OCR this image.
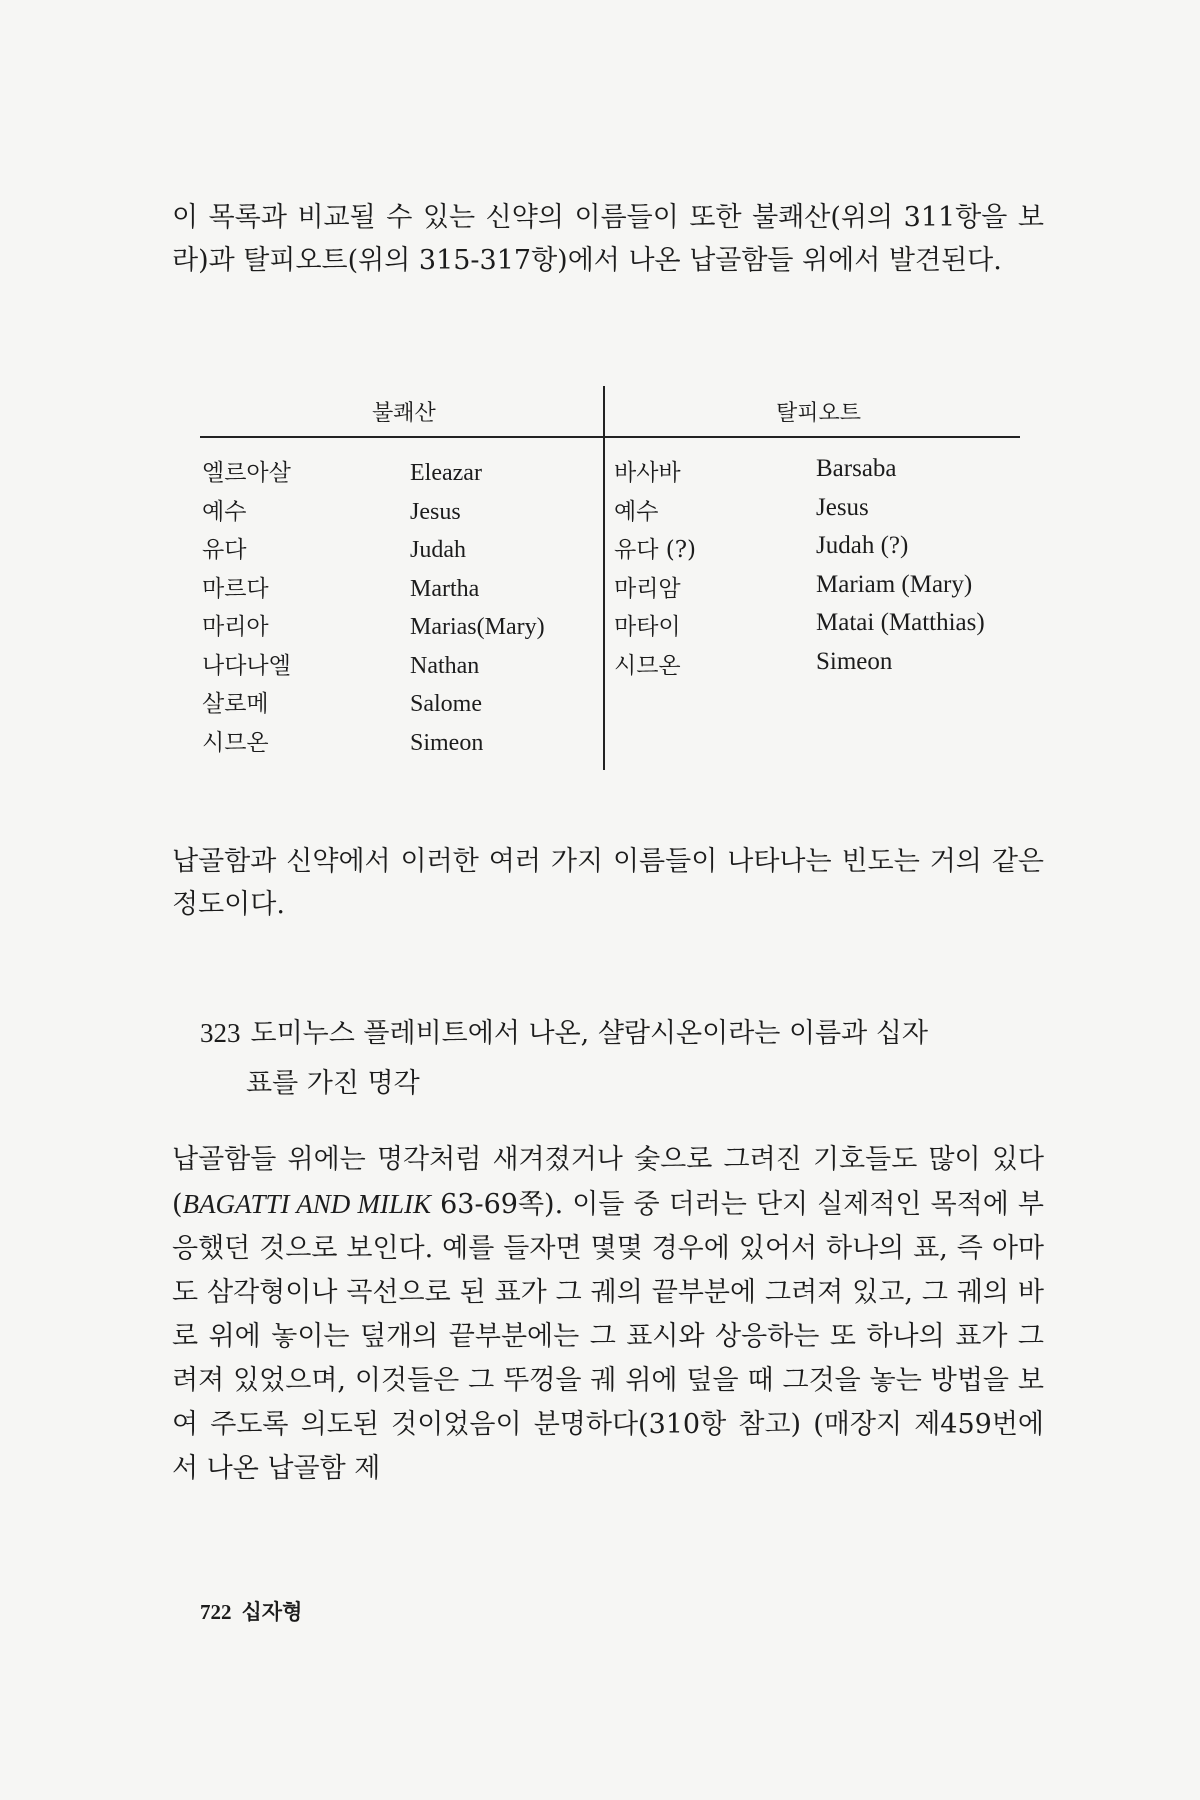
이 목록과 비교될 수 있는 신약의 이름들이 또한 불쾌산(위의 311항을 보라)과 탈피오트(위의 315-317항)에서 나온 납골함들 위에서 발견된다.

불쾌산	탈피오트
엘르아살
예수
유다
마르다
마리아
나다나엘
살로메
시므온
Eleazar
Jesus
Judah
Martha
Marias(Mary)
Nathan
Salome
Simeon
바사바
예수
유다 (?)
마리암
마타이
시므온
Barsaba
Jesus
Judah (?)
Mariam (Mary)
Matai (Matthias)
Simeon

납골함과 신약에서 이러한 여러 가지 이름들이 나타나는 빈도는 거의 같은 정도이다.

323 도미누스 플레비트에서 나온, 샬람시온이라는 이름과 십자
표를 가진 명각

납골함들 위에는 명각처럼 새겨졌거나 숯으로 그려진 기호들도 많이 있다(BAGATTI AND MILIK 63-69쪽). 이들 중 더러는 단지 실제적인 목적에 부응했던 것으로 보인다. 예를 들자면 몇몇 경우에 있어서 하나의 표, 즉 아마도 삼각형이나 곡선으로 된 표가 그 궤의 끝부분에 그려져 있고, 그 궤의 바로 위에 놓이는 덮개의 끝부분에는 그 표시와 상응하는 또 하나의 표가 그려져 있었으며, 이것들은 그 뚜껑을 궤 위에 덮을 때 그것을 놓는 방법을 보여 주도록 의도된 것이었음이 분명하다(310항 참고) (매장지 제459번에서 나온 납골함 제

722 십자형
